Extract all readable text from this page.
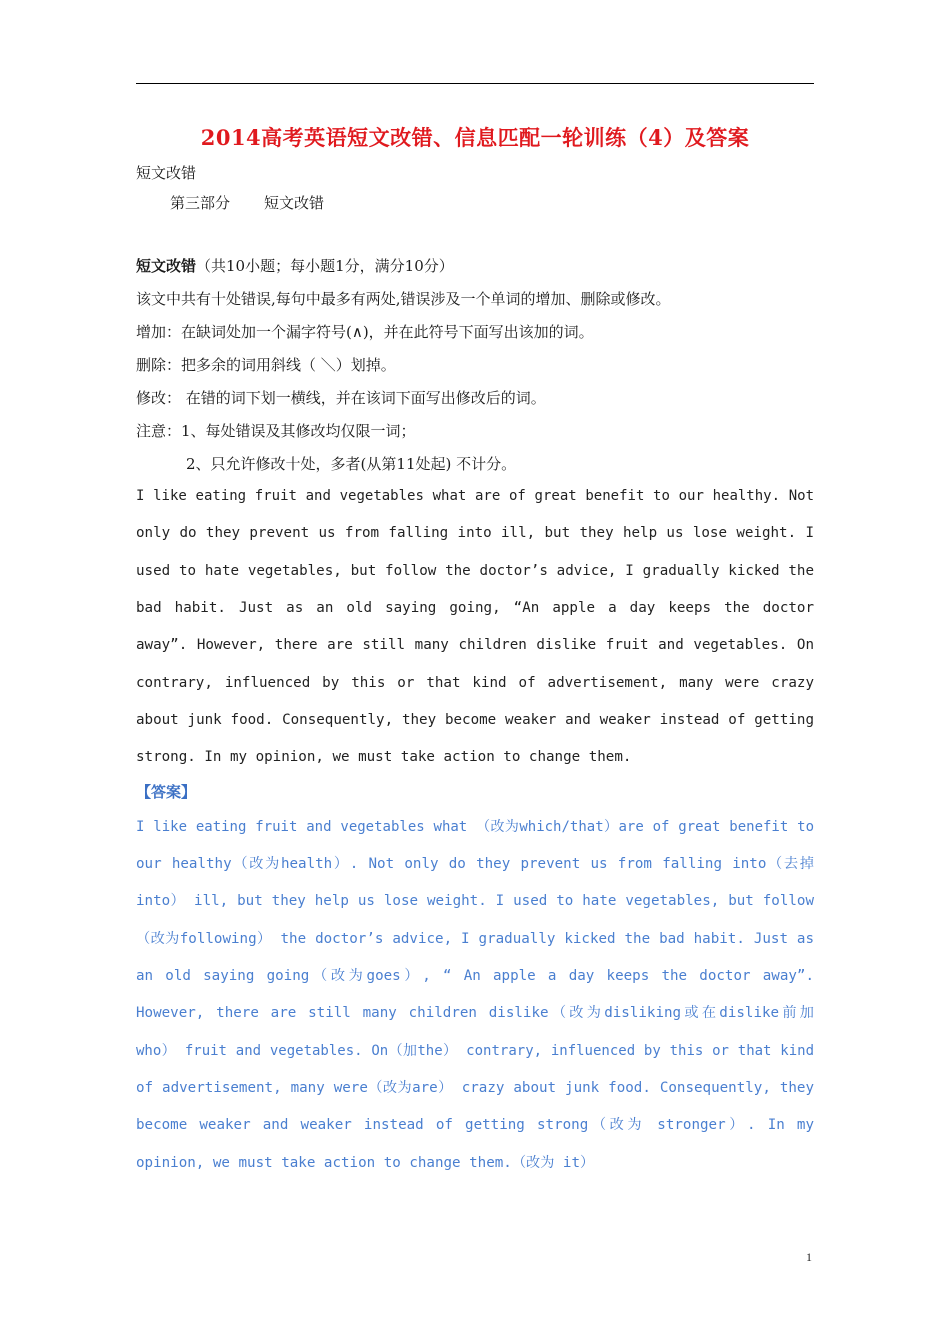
2014高考英语短文改错、信息匹配一轮训练（4）及答案
短文改错
第三部分 短文改错
短文改错（共10小题；每小题1分，满分10分）
该文中共有十处错误,每句中最多有两处,错误涉及一个单词的增加、删除或修改。
增加：在缺词处加一个漏字符号(∧)，并在此符号下面写出该加的词。
删除：把多余的词用斜线（ ＼）划掉。
修改： 在错的词下划一横线，并在该词下面写出修改后的词。
注意：1、每处错误及其修改均仅限一词；
2、只允许修改十处，多者(从第11处起) 不计分。
I like eating fruit and vegetables what are of great benefit to our healthy. Not
only do they prevent us from falling into ill, but they help us lose weight. I
used to hate vegetables, but follow the doctor’s advice, I gradually kicked the
bad habit. Just as an old saying going, “An apple a day keeps the doctor
away”. However, there are still many children dislike fruit and vegetables. On
contrary, influenced by this or that kind of advertisement, many were crazy
about junk food. Consequently, they become weaker and weaker instead of getting
strong. In my opinion, we must take action to change them.
【答案】
I like eating fruit and vegetables what （改为which/that）are of great benefit to
our healthy（改为health）. Not only do they prevent us from falling into（去掉
into） ill, but they help us lose weight. I used to hate vegetables, but follow
（改为following） the doctor’s advice, I gradually kicked the bad habit. Just as
an old saying going（改为goes）, “ An apple a day keeps the doctor away”.
However, there are still many children dislike（改为disliking或在dislike前加
who） fruit and vegetables. On（加the） contrary, influenced by this or that kind
of advertisement, many were（改为are） crazy about junk food. Consequently, they
become weaker and weaker instead of getting strong（改为 stronger）. In my
opinion, we must take action to change them.（改为 it）
1
